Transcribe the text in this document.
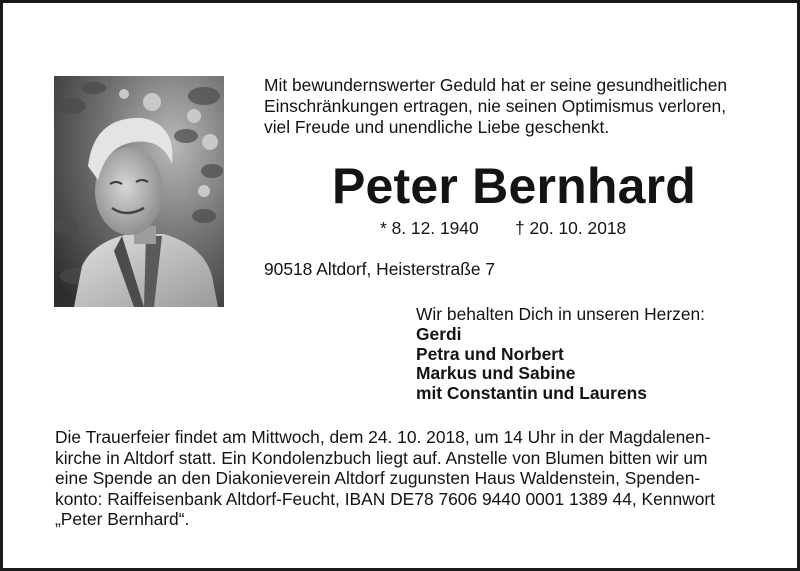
Mit bewundernswerter Geduld hat er seine gesundheitlichen
Einschränkungen ertragen, nie seinen Optimismus verloren,
viel Freude und unendliche Liebe geschenkt.
Peter Bernhard
* 8. 12. 1940 † 20. 10. 2018
90518 Altdorf, Heisterstraße 7
Wir behalten Dich in unseren Herzen:
Gerdi
Petra und Norbert
Markus und Sabine
mit Constantin und Laurens
Die Trauerfeier findet am Mittwoch, dem 24. 10. 2018, um 14 Uhr in der Magdalenen-
kirche in Altdorf statt. Ein Kondolenzbuch liegt auf. Anstelle von Blumen bitten wir um
eine Spende an den Diakonieverein Altdorf zugunsten Haus Waldenstein, Spenden-
konto: Raiffeisenbank Altdorf-Feucht, IBAN DE78 7606 9440 0001 1389 44, Kennwort
„Peter Bernhard“.
